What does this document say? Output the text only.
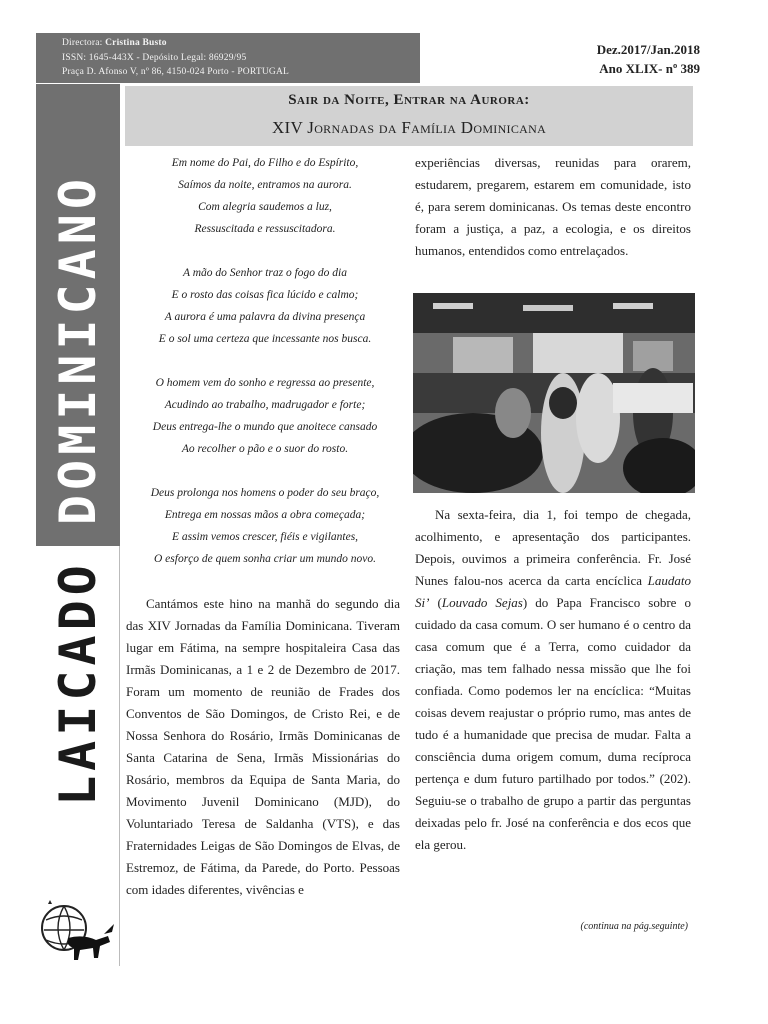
Directora: Cristina Busto
ISSN: 1645-443X - Depósito Legal: 86929/95
Praça D. Afonso V, nº 86, 4150-024 Porto - PORTUGAL
Dez.2017/Jan.2018
Ano XLIX- nº 389
LAICADO DOMINICANO
Sair da Noite, Entrar na Aurora:
XIV Jornadas da Família Dominicana

Em nome do Pai, do Filho e do Espírito,

Saímos da noite, entramos na aurora.

Com alegria saudemos a luz,

Ressuscitada e ressuscitadora.

A mão do Senhor traz o fogo do dia

E o rosto das coisas fica lúcido e calmo;

A aurora é uma palavra da divina presença

E o sol uma certeza que incessante nos busca.

O homem vem do sonho e regressa ao presente,

Acudindo ao trabalho, madrugador e forte;

Deus entrega-lhe o mundo que anoitece cansado

Ao recolher o pão e o suor do rosto.

Deus prolonga nos homens o poder do seu braço,

Entrega em nossas mãos a obra começada;

E assim vemos crescer, fiéis e vigilantes,

O esforço de quem sonha criar um mundo novo.

Cantámos este hino na manhã do segundo dia das XIV Jornadas da Família Dominicana. Tiveram lugar em Fátima, na sempre hospitaleira Casa das Irmãs Dominicanas, a 1 e 2 de Dezembro de 2017. Foram um momento de reunião de Frades dos Conventos de São Domingos, de Cristo Rei, e de Nossa Senhora do Rosário, Irmãs Dominicanas de Santa Catarina de Sena, Irmãs Missionárias do Rosário, membros da Equipa de Santa Maria, do Movimento Juvenil Dominicano (MJD), do Voluntariado Teresa de Saldanha (VTS), e das Fraternidades Leigas de São Domingos de Elvas, de Estremoz, de Fátima, da Parede, do Porto. Pessoas com idades diferentes, vivências e

experiências diversas, reunidas para orarem, estudarem, pregarem, estarem em comunidade, isto é, para serem dominicanas. Os temas deste encontro foram a justiça, a paz, a ecologia, e os direitos humanos, entendidos como entrelaçados.

Na sexta-feira, dia 1, foi tempo de chegada, acolhimento, e apresentação dos participantes. Depois, ouvimos a primeira conferência. Fr. José Nunes falou-nos acerca da carta encíclica Laudato Si’ (Louvado Sejas) do Papa Francisco sobre o cuidado da casa comum. O ser humano é o centro da casa comum que é a Terra, como cuidador da criação, mas tem falhado nessa missão que lhe foi confiada. Como podemos ler na encíclica: “Muitas coisas devem reajustar o próprio rumo, mas antes de tudo é a humanidade que precisa de mudar. Falta a consciência duma origem comum, duma recíproca pertença e dum futuro partilhado por todos.” (202). Seguiu-se o trabalho de grupo a partir das perguntas deixadas pelo fr. José na conferência e dos ecos que ela gerou.

(continua na pág.seguinte)
